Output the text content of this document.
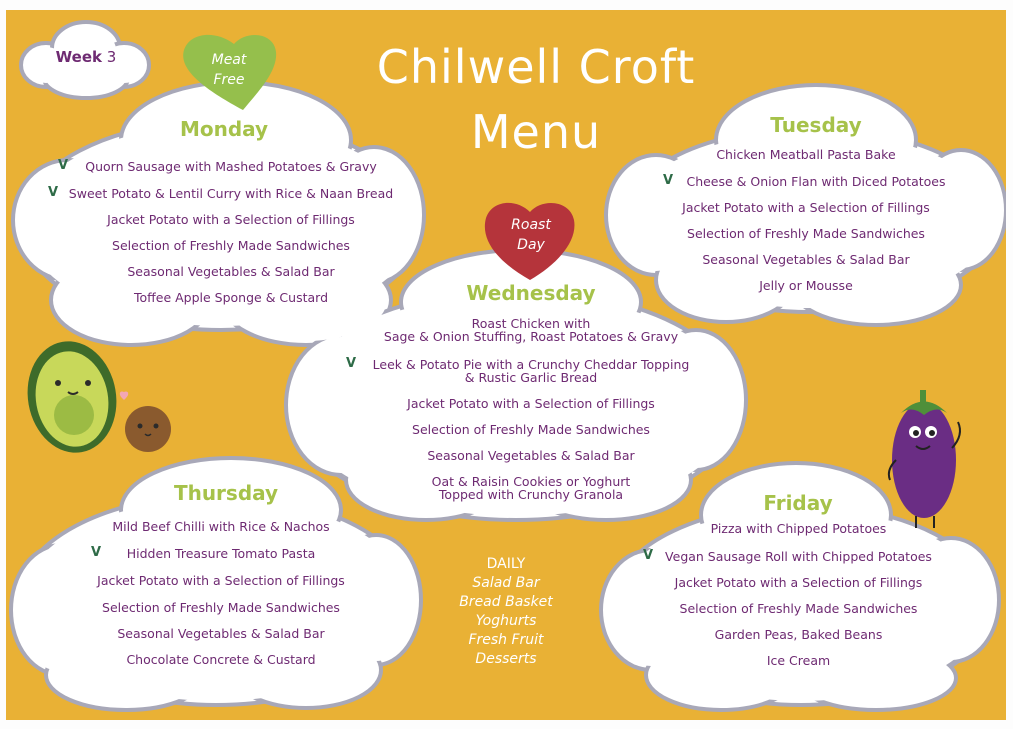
Week 3	Chilwell Croft
Menu
Meat
Free
Roast
Day
Monday
V
V
Quorn Sausage with Mashed Potatoes & Gravy
Sweet Potato & Lentil Curry with Rice & Naan Bread
Jacket Potato with a Selection of Fillings
Selection of Freshly Made Sandwiches
Seasonal Vegetables & Salad Bar
Toffee Apple Sponge & Custard
Tuesday
V
Chicken Meatball Pasta Bake
Cheese & Onion Flan with Diced Potatoes
Jacket Potato with a Selection of Fillings
Selection of Freshly Made Sandwiches
Seasonal Vegetables & Salad Bar
Jelly or Mousse
Wednesday
V
Roast Chicken with
Sage & Onion Stuffing, Roast Potatoes & Gravy
Leek & Potato Pie with a Crunchy Cheddar Topping
& Rustic Garlic Bread
Jacket Potato with a Selection of Fillings
Selection of Freshly Made Sandwiches
Seasonal Vegetables & Salad Bar
Oat & Raisin Cookies or Yoghurt
Topped with Crunchy Granola
Thursday
V
Mild Beef Chilli with Rice & Nachos
Hidden Treasure Tomato Pasta
Jacket Potato with a Selection of Fillings
Selection of Freshly Made Sandwiches
Seasonal Vegetables & Salad Bar
Chocolate Concrete & Custard
Friday
V
Pizza with Chipped Potatoes
Vegan Sausage Roll with Chipped Potatoes
Jacket Potato with a Selection of Fillings
Selection of Freshly Made Sandwiches
Garden Peas, Baked Beans
Ice Cream
DAILY
Salad Bar
Bread Basket
Yoghurts
Fresh Fruit
Desserts
